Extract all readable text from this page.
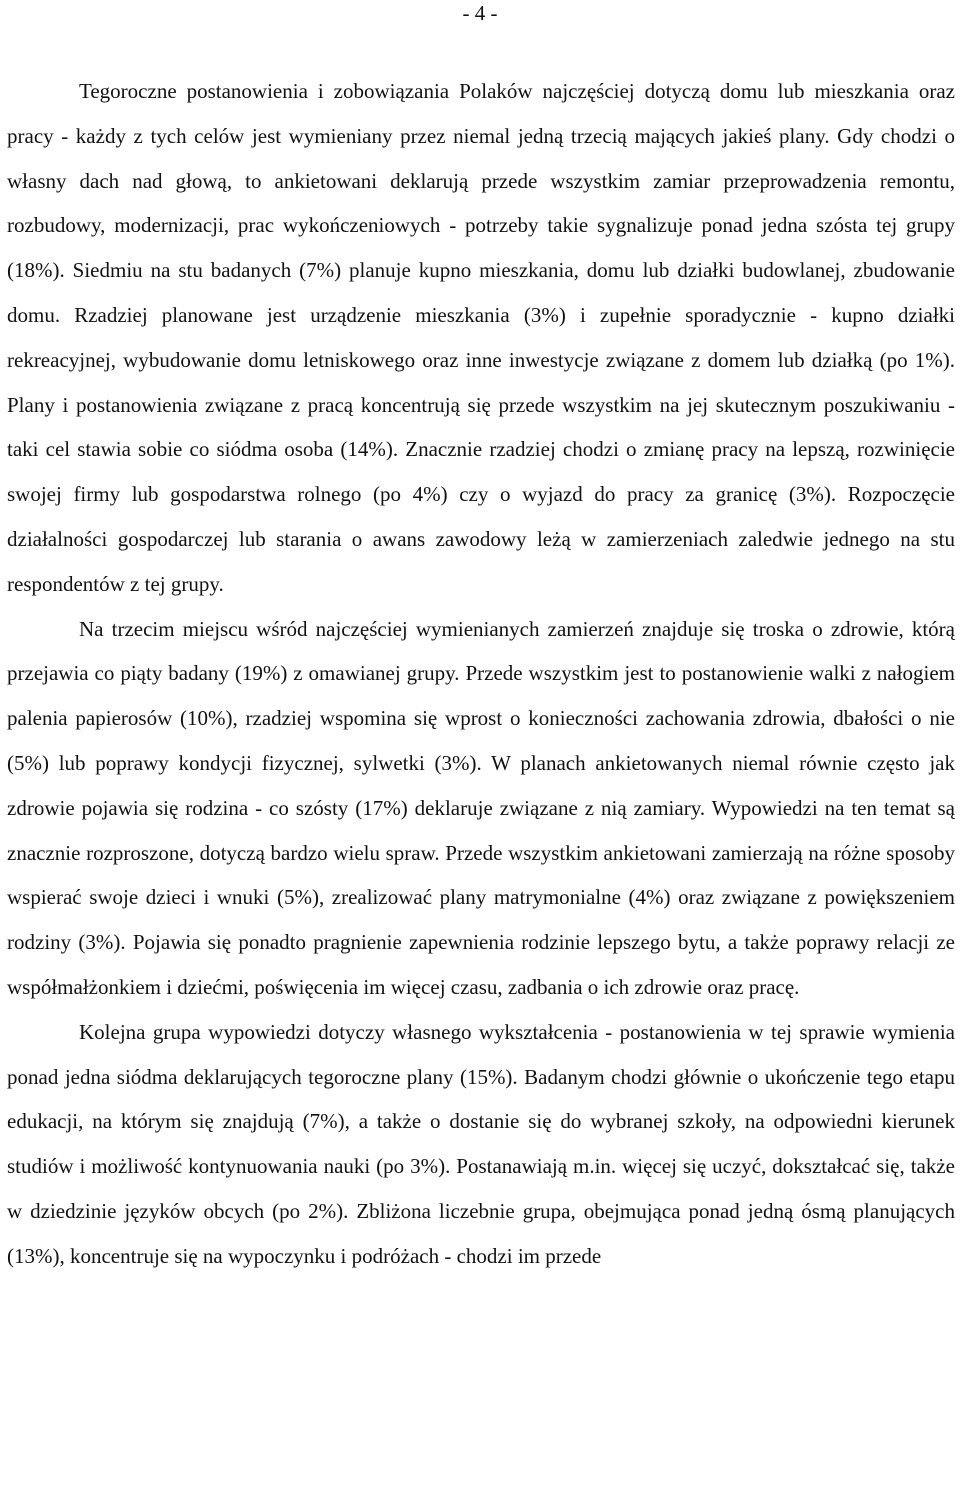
- 4 -

Tegoroczne postanowienia i zobowiązania Polaków najczęściej dotyczą domu lub mieszkania oraz pracy - każdy z tych celów jest wymieniany przez niemal jedną trzecią mających jakieś plany. Gdy chodzi o własny dach nad głową, to ankietowani deklarują przede wszystkim zamiar przeprowadzenia remontu, rozbudowy, modernizacji, prac wykończeniowych - potrzeby takie sygnalizuje ponad jedna szósta tej grupy (18%). Siedmiu na stu badanych (7%) planuje kupno mieszkania, domu lub działki budowlanej, zbudowanie domu. Rzadziej planowane jest urządzenie mieszkania (3%) i zupełnie sporadycznie - kupno działki rekreacyjnej, wybudowanie domu letniskowego oraz inne inwestycje związane z domem lub działką (po 1%). Plany i postanowienia związane z pracą koncentrują się przede wszystkim na jej skutecznym poszukiwaniu - taki cel stawia sobie co siódma osoba (14%). Znacznie rzadziej chodzi o zmianę pracy na lepszą, rozwinięcie swojej firmy lub gospodarstwa rolnego (po 4%) czy o wyjazd do pracy za granicę (3%). Rozpoczęcie działalności gospodarczej lub starania o awans zawodowy leżą w zamierzeniach zaledwie jednego na stu respondentów z tej grupy.

Na trzecim miejscu wśród najczęściej wymienianych zamierzeń znajduje się troska o zdrowie, którą przejawia co piąty badany (19%) z omawianej grupy. Przede wszystkim jest to postanowienie walki z nałogiem palenia papierosów (10%), rzadziej wspomina się wprost o konieczności zachowania zdrowia, dbałości o nie (5%) lub poprawy kondycji fizycznej, sylwetki (3%). W planach ankietowanych niemal równie często jak zdrowie pojawia się rodzina - co szósty (17%) deklaruje związane z nią zamiary. Wypowiedzi na ten temat są znacznie rozproszone, dotyczą bardzo wielu spraw. Przede wszystkim ankietowani zamierzają na różne sposoby wspierać swoje dzieci i wnuki (5%), zrealizować plany matrymonialne (4%) oraz związane z powiększeniem rodziny (3%). Pojawia się ponadto pragnienie zapewnienia rodzinie lepszego bytu, a także poprawy relacji ze współmałżonkiem i dziećmi, poświęcenia im więcej czasu, zadbania o ich zdrowie oraz pracę.

Kolejna grupa wypowiedzi dotyczy własnego wykształcenia - postanowienia w tej sprawie wymienia ponad jedna siódma deklarujących tegoroczne plany (15%). Badanym chodzi głównie o ukończenie tego etapu edukacji, na którym się znajdują (7%), a także o dostanie się do wybranej szkoły, na odpowiedni kierunek studiów i możliwość kontynuowania nauki (po 3%). Postanawiają m.in. więcej się uczyć, dokształcać się, także w dziedzinie języków obcych (po 2%). Zbliżona liczebnie grupa, obejmująca ponad jedną ósmą planujących (13%), koncentruje się na wypoczynku i podróżach - chodzi im przede
